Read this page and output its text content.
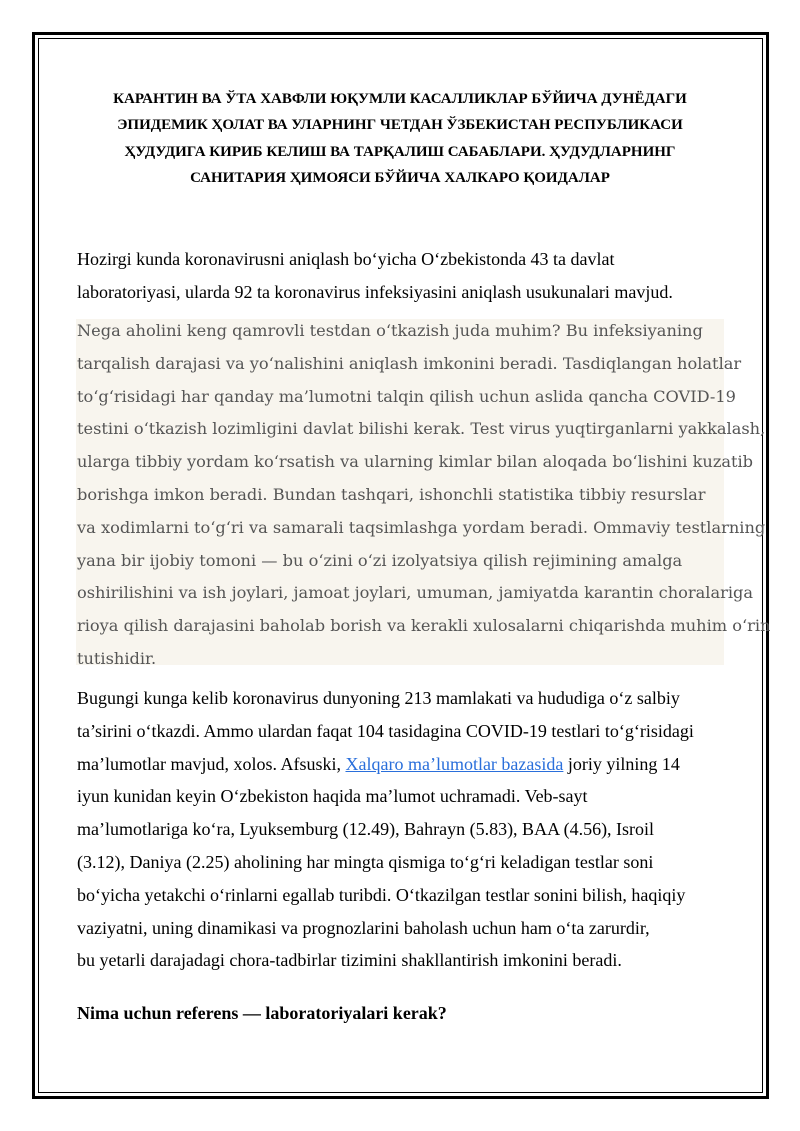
КАРАНТИН ВА ЎТА ХАВФЛИ ЮҚУМЛИ КАСАЛЛИКЛАР БЎЙИЧА ДУНЁДАГИ
ЭПИДЕМИК ҲОЛАТ ВА УЛАРНИНГ ЧЕТДАН ЎЗБЕКИСТАН РЕСПУБЛИКАСИ
ҲУДУДИГА КИРИБ КЕЛИШ ВА ТАРҚАЛИШ САБАБЛАРИ. ҲУДУДЛАРНИНГ
САНИТАРИЯ ҲИМОЯСИ БЎЙИЧА ХАЛКАРО ҚОИДАЛАР

Hozirgi kunda koronavirusni aniqlash bo‘yicha O‘zbekistonda 43 ta davlat
laboratoriyasi, ularda 92 ta koronavirus infeksiyasini aniqlash usukunalari mavjud.

Nega aholini keng qamrovli testdan o‘tkazish juda muhim? Bu infeksiyaning
tarqalish darajasi va yo‘nalishini aniqlash imkonini beradi. Tasdiqlangan holatlar
to‘g‘risidagi har qanday ma’lumotni talqin qilish uchun aslida qancha COVID-19
testini o‘tkazish lozimligini davlat bilishi kerak. Test virus yuqtirganlarni yakkalash,
ularga tibbiy yordam ko‘rsatish va ularning kimlar bilan aloqada bo‘lishini kuzatib
borishga imkon beradi. Bundan tashqari, ishonchli statistika tibbiy resurslar
va xodimlarni to‘g‘ri va samarali taqsimlashga yordam beradi. Ommaviy testlarning
yana bir ijobiy tomoni — bu o‘zini o‘zi izolyatsiya qilish rejimining amalga
oshirilishini va ish joylari, jamoat joylari, umuman, jamiyatda karantin choralariga
rioya qilish darajasini baholab borish va kerakli xulosalarni chiqarishda muhim o‘rin
tutishidir.

Bugungi kunga kelib koronavirus dunyoning 213 mamlakati va hududiga o‘z salbiy
ta’sirini o‘tkazdi. Ammo ulardan faqat 104 tasidagina COVID-19 testlari to‘g‘risidagi
ma’lumotlar mavjud, xolos. Afsuski, Xalqaro ma’lumotlar bazasida joriy yilning 14
iyun kunidan keyin O‘zbekiston haqida ma’lumot uchramadi. Veb-sayt
ma’lumotlariga ko‘ra, Lyuksemburg (12.49), Bahrayn (5.83), BAA (4.56), Isroil
(3.12), Daniya (2.25) aholining har mingta qismiga to‘g‘ri keladigan testlar soni
bo‘yicha yetakchi o‘rinlarni egallab turibdi. O‘tkazilgan testlar sonini bilish, haqiqiy
vaziyatni, uning dinamikasi va prognozlarini baholash uchun ham o‘ta zarurdir,
bu yetarli darajadagi chora-tadbirlar tizimini shakllantirish imkonini beradi.

Nima uchun referens — laboratoriyalari kerak?
